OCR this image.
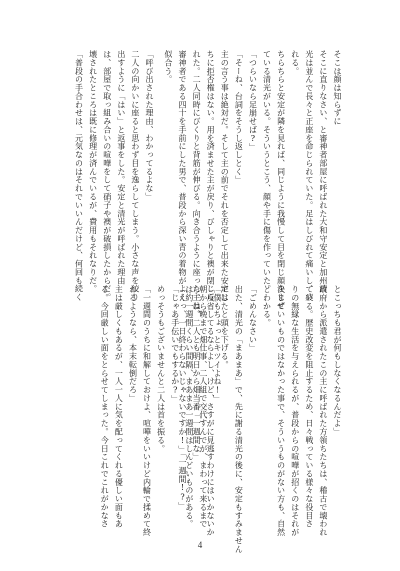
そこは顔は知らずに

そこに直りなさい、と審神者部屋に呼ばれた大和守安定と加州清

光は並んで長々と正座を命じられていた。足はしびれて痛いし、疲

れる。

ちらちらと安定が隣を見れば、同じように我慢して目を閉じ顔をまぜ

ている清光がいる。そういうとこう、顔や手に傷を作っていた。

「つらいなら足崩せば?」

「そーね、台詞をそうし返しとく」

主の言う事は絶対だ。そして主の前でそれを否定して出来た安定は

ちに拒否権はない。用を済ませた主が戻り、びしゃりと襖が閉じら

れた。二人同時にびくりと背筋が伸びる。向き合うように座った主は、

審神者である四十を手前にした男で、普段から深い青の着物がよく

似合う。

「呼び出された理由、わかってるよな」

二人の向かいに座ると思わず目を逸らしてしまう。小さな声を絞り

出すように「はい」と返事をした。安定と清光が呼ばれた理由

は、部屋で取っ組み合いの喧嘩をして硝子や襖が破損したからだ。

壊されたところは既に修理が済んでいるが、費用もそれなりだ。

「普段の手合わせは、元気なのはそれでいいんだけど、何回も続く

とこっちも君が何もしなくなるんだよ」

政府から派遣されたこの主に呼ばれた方領ちたちは、稽古で壊われ

ている。歴史改変を阻止するため、日々戦っている様々な役目さ

りの無縁な生活を与えられるが、普段からの喧嘩が招くのはそれが

決していいものではなかった事で、そういうものがない方も、自然

とわかる。

「ごめんなさい」

出た、清光の「まあまあ」で、先に謝る清光の後に、安定もすみません

でしたと頭を下げる。

「反省してるならよし、けど、さすがに見逃すわけにはいかないか

ら、ね。二人とも明日から畑当番「一週間な」

「えっ、一日終わらないじゃないですか!」「一週間!?」	「僕もちょっとキツイよね!」

朝から晩まで畑仕事、二人組で交代すんでが、まわって来るまで

は約一週間くらい間隔、まあまあ一週間はしんどいものがある。

「じゃあ手伝いでもするか?」

めっそうもございませんと二人は首を振る。

「一週間のうちに和解しておけよ、喧嘩をいいけど内輪で揉めて終

わるようなら、本末転倒だろ」

主は厳しくもあるが、一人一人に気を配ってくれる優しい面もあ

る。今回厳しい面をとらせてしまった。今日これでこれがかなさ

4
